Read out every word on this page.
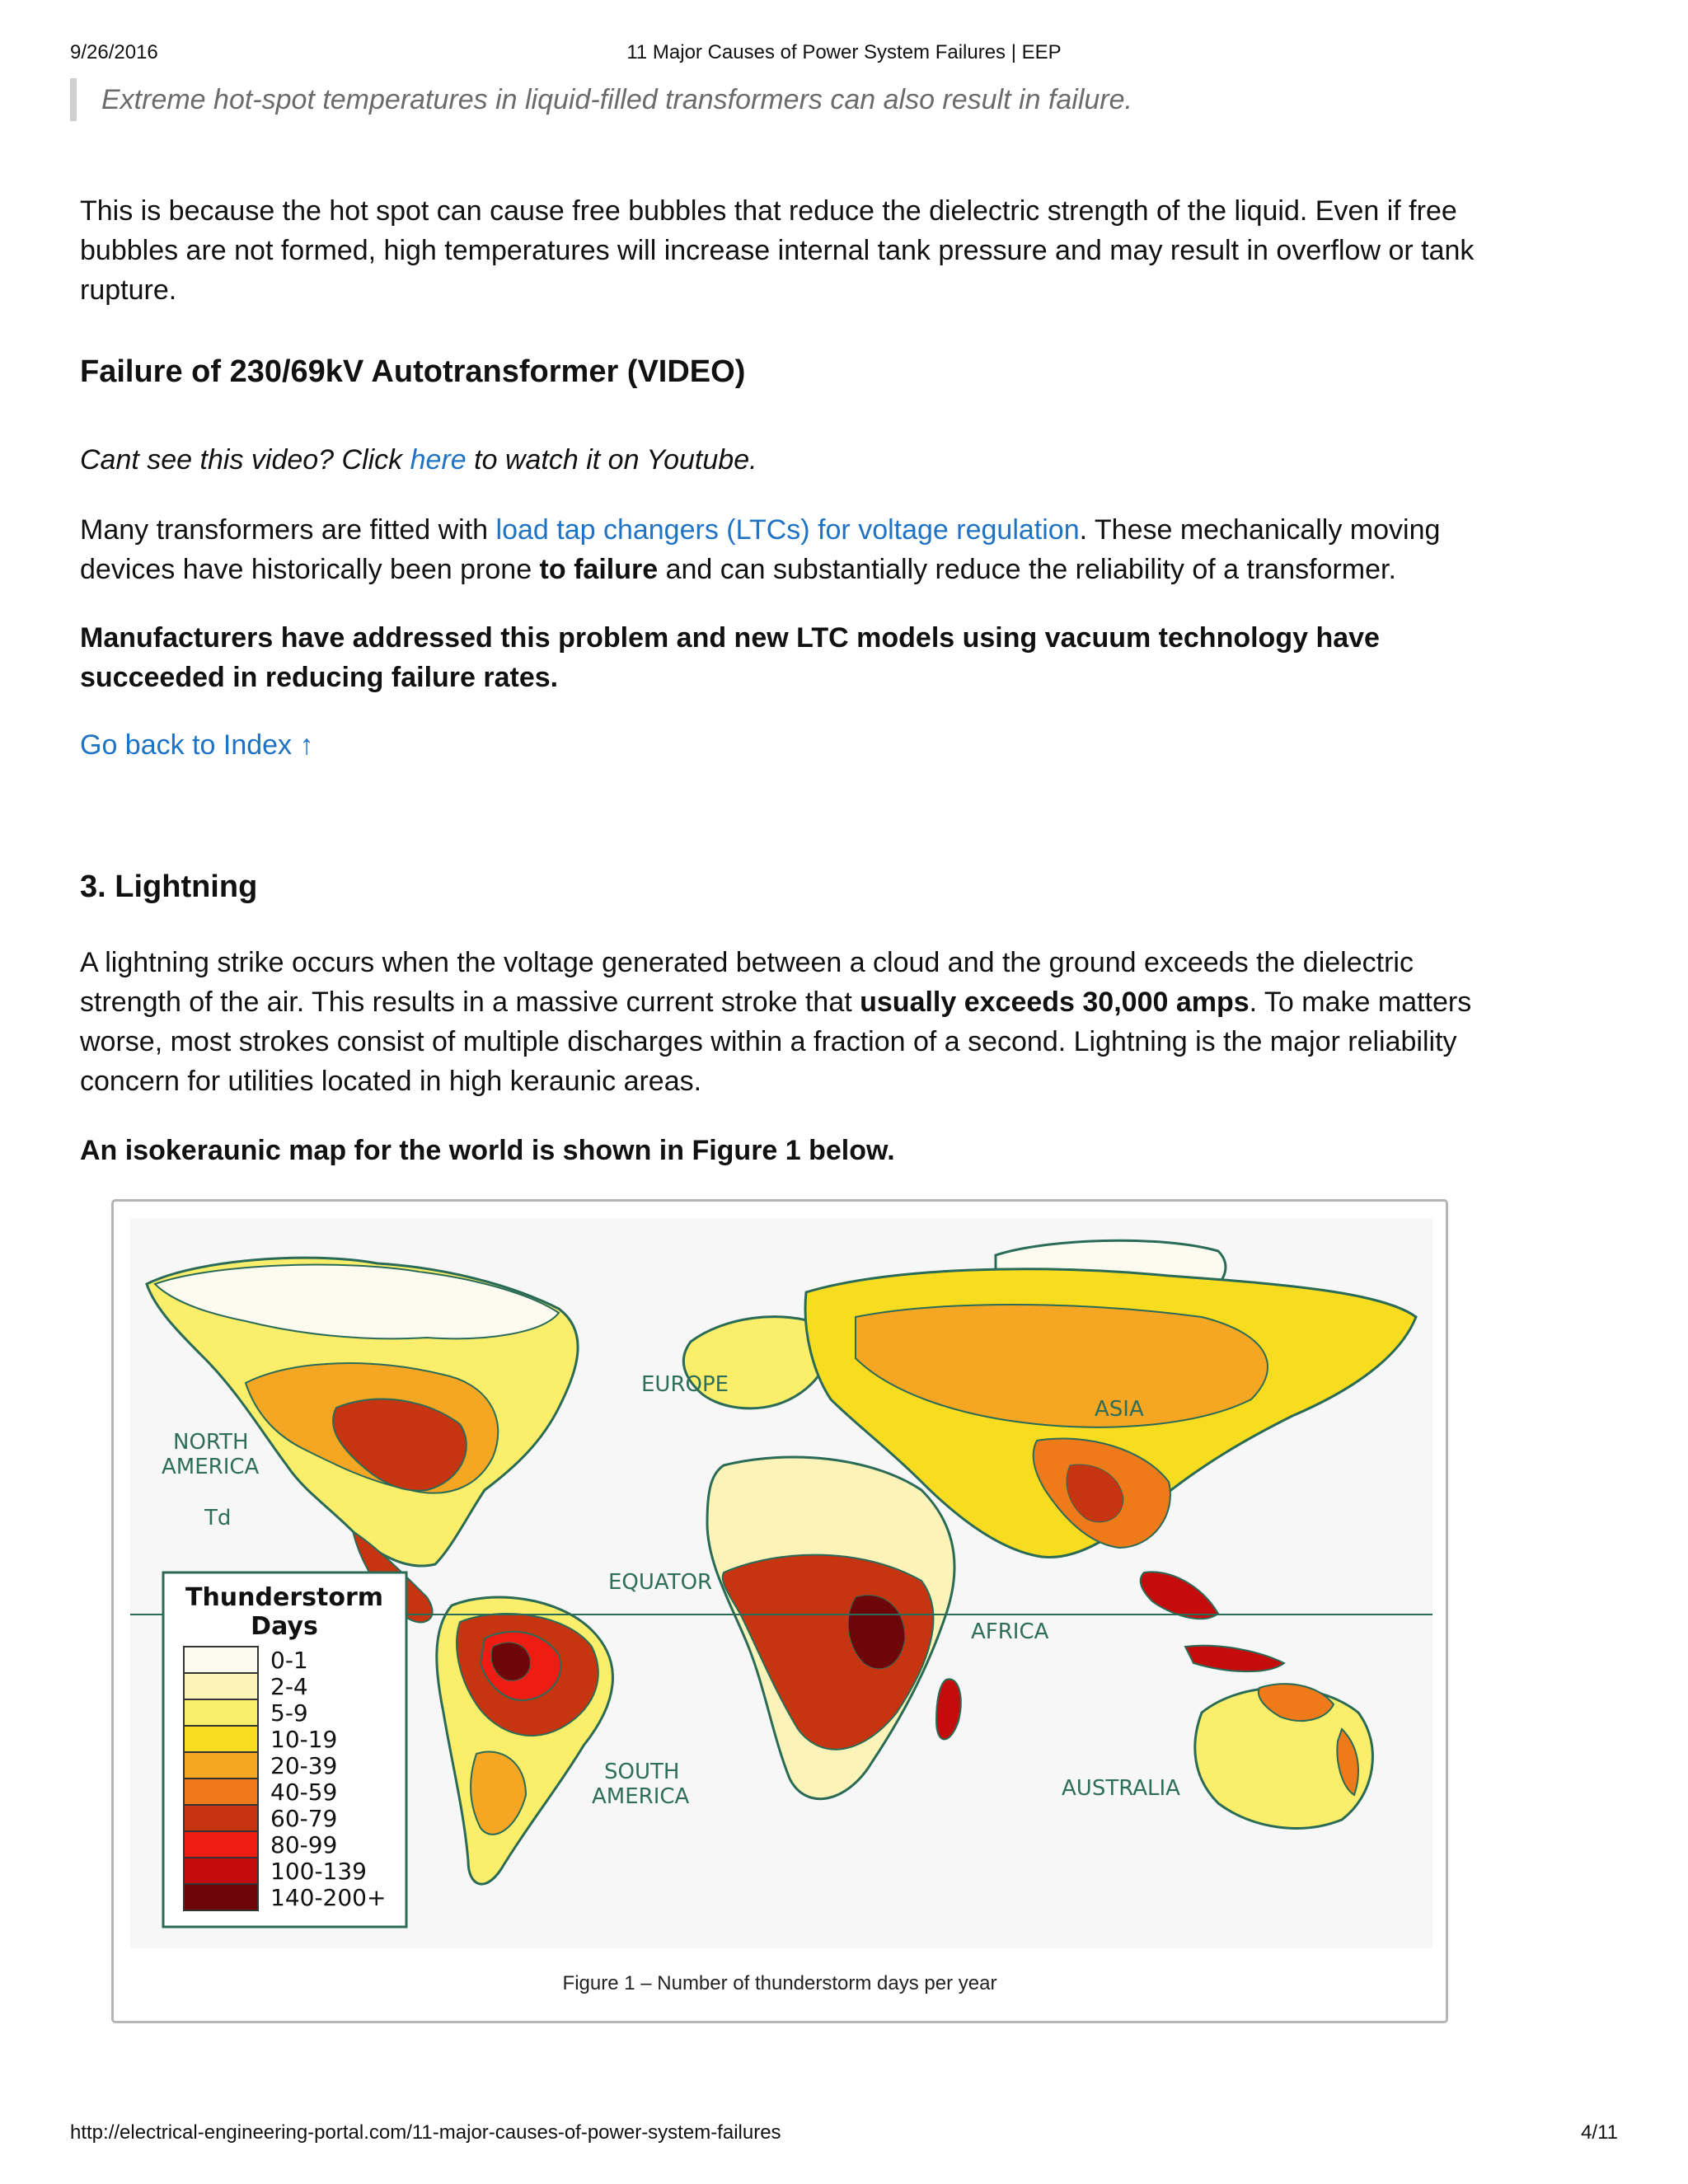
9/26/2016	11 Major Causes of Power System Failures | EEP
Extreme hot-spot temperatures in liquid-filled transformers can also result in failure.
This is because the hot spot can cause free bubbles that reduce the dielectric strength of the liquid. Even if free
bubbles are not formed, high temperatures will increase internal tank pressure and may result in overflow or tank
rupture.
Failure of 230/69kV Autotransformer (VIDEO)
Cant see this video? Click here to watch it on Youtube.
Many transformers are fitted with load tap changers (LTCs) for voltage regulation. These mechanically moving
devices have historically been prone to failure and can substantially reduce the reliability of a transformer.
Manufacturers have addressed this problem and new LTC models using vacuum technology have
succeeded in reducing failure rates.
Go back to Index ↑
3. Lightning
A lightning strike occurs when the voltage generated between a cloud and the ground exceeds the dielectric
strength of the air. This results in a massive current stroke that usually exceeds 30,000 amps. To make matters
worse, most strokes consist of multiple discharges within a fraction of a second. Lightning is the major reliability
concern for utilities located in high keraunic areas.
An isokeraunic map for the world is shown in Figure 1 below.
EUROPE
ASIA
NORTH
AMERICA
Td
EQUATOR
AFRICA
SOUTH
AMERICA	AUSTRALIA
Thunderstorm
Days
0-1
2-4
5-9
10-19
20-39
40-59
60-79
80-99
100-139
140-200+
Figure 1 – Number of thunderstorm days per year
http://electrical-engineering-portal.com/11-major-causes-of-power-system-failures	4/11
